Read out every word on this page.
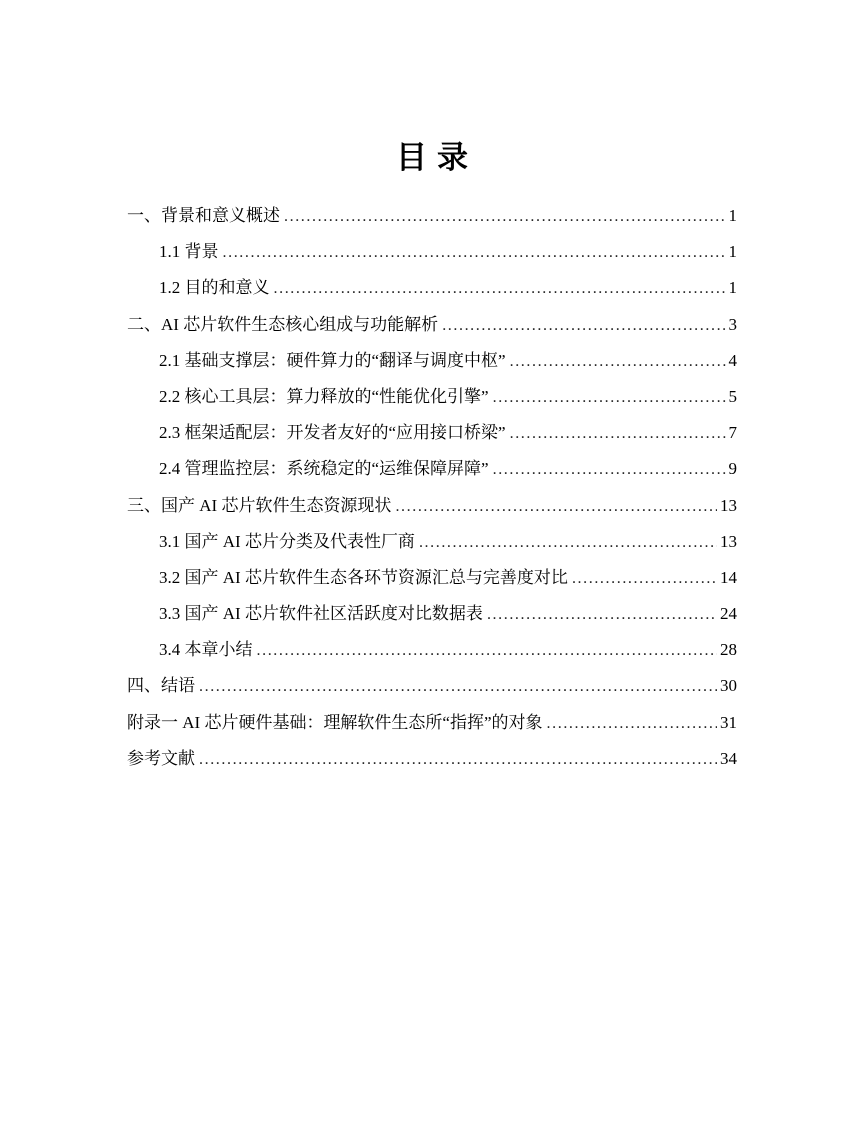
目录
一、背景和意义概述 .....	1
1.1 背景 .....	1
1.2 目的和意义 .....	1
二、AI 芯片软件生态核心组成与功能解析 .....	3
2.1 基础支撑层：硬件算力的“翻译与调度中枢” .....	4
2.2 核心工具层：算力释放的“性能优化引擎” .....	5
2.3 框架适配层：开发者友好的“应用接口桥梁” .....	7
2.4 管理监控层：系统稳定的“运维保障屏障” .....	9
三、国产 AI 芯片软件生态资源现状 .....	13
3.1 国产 AI 芯片分类及代表性厂商 .....	13
3.2 国产 AI 芯片软件生态各环节资源汇总与完善度对比 .....	14
3.3 国产 AI 芯片软件社区活跃度对比数据表 .....	24
3.4 本章小结 .....	28
四、结语 .....	30
附录一 AI 芯片硬件基础：理解软件生态所“指挥”的对象 .....	31
参考文献 .....	34
